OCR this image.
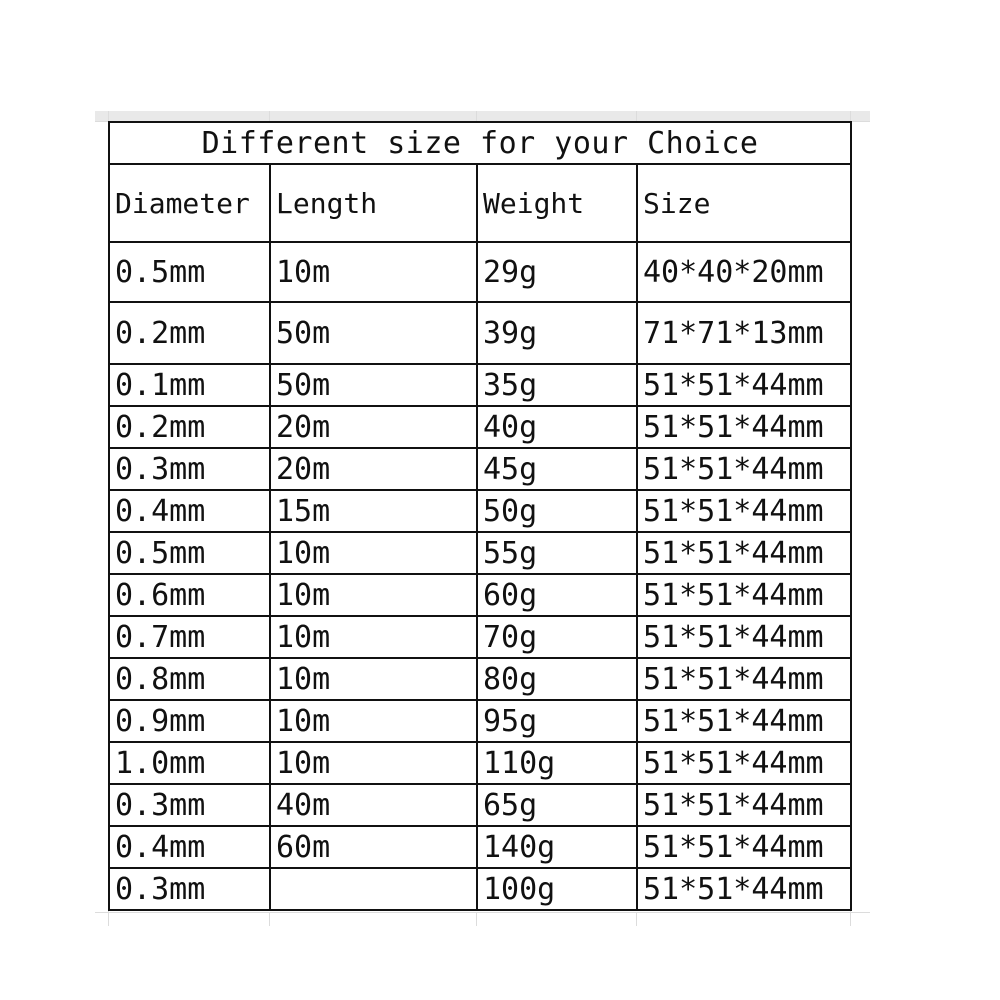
Different size for your Choice			
Diameter	Length	Weight	Size
0.5mm	10m	29g	40*40*20mm
0.2mm	50m	39g	71*71*13mm
0.1mm	50m	35g	51*51*44mm
0.2mm	20m	40g	51*51*44mm
0.3mm	20m	45g	51*51*44mm
0.4mm	15m	50g	51*51*44mm
0.5mm	10m	55g	51*51*44mm
0.6mm	10m	60g	51*51*44mm
0.7mm	10m	70g	51*51*44mm
0.8mm	10m	80g	51*51*44mm
0.9mm	10m	95g	51*51*44mm
1.0mm	10m	110g	51*51*44mm
0.3mm	40m	65g	51*51*44mm
0.4mm	60m	140g	51*51*44mm
0.3mm		100g	51*51*44mm
